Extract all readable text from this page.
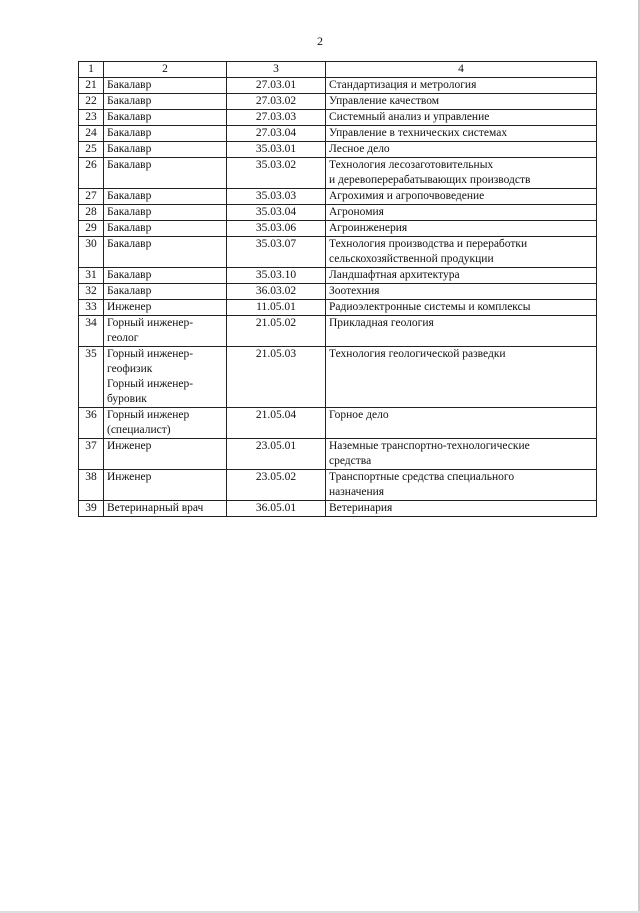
2
1	2	3	4
21	Бакалавр	27.03.01	Стандартизация и метрология
22	Бакалавр	27.03.02	Управление качеством
23	Бакалавр	27.03.03	Системный анализ и управление
24	Бакалавр	27.03.04	Управление в технических системах
25	Бакалавр	35.03.01	Лесное дело
26	Бакалавр	35.03.02	Технология лесозаготовительных
и деревоперерабатывающих производств
27	Бакалавр	35.03.03	Агрохимия и агропочвоведение
28	Бакалавр	35.03.04	Агрономия
29	Бакалавр	35.03.06	Агроинженерия
30	Бакалавр	35.03.07	Технология производства и переработки
сельскохозяйственной продукции
31	Бакалавр	35.03.10	Ландшафтная архитектура
32	Бакалавр	36.03.02	Зоотехния
33	Инженер	11.05.01	Радиоэлектронные системы и комплексы
34	Горный инженер-
геолог	21.05.02	Прикладная геология
35	Горный инженер-
геофизик
Горный инженер-
буровик	21.05.03	Технология геологической разведки
36	Горный инженер
(специалист)	21.05.04	Горное дело
37	Инженер	23.05.01	Наземные транспортно-технологические
средства
38	Инженер	23.05.02	Транспортные средства специального
назначения
39	Ветеринарный врач	36.05.01	Ветеринария
